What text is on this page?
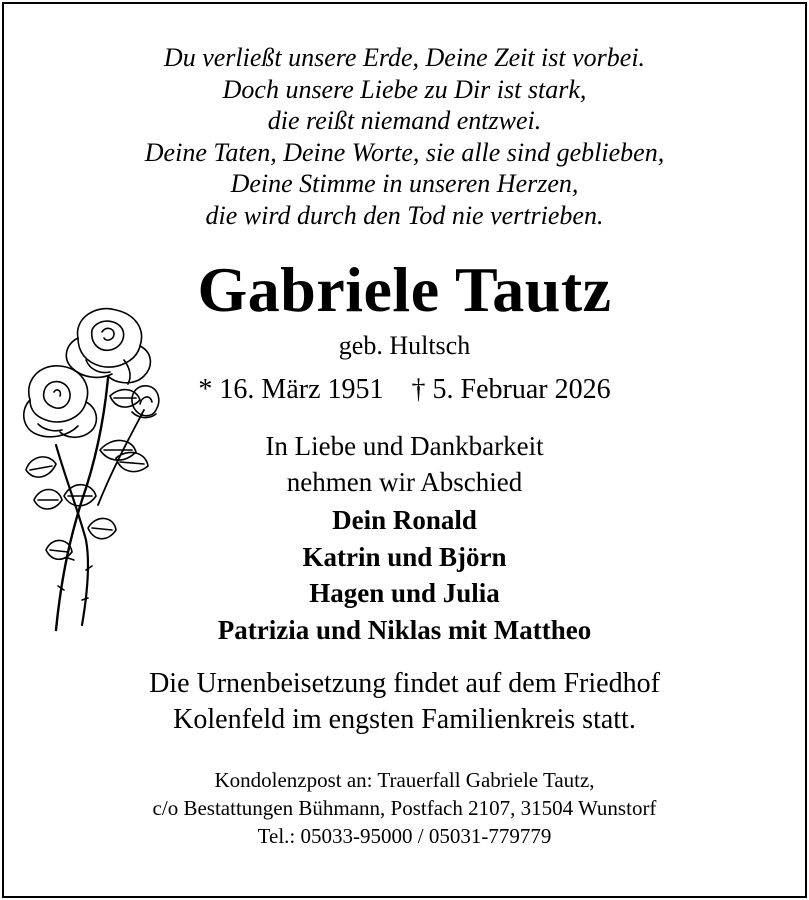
Du verließt unsere Erde, Deine Zeit ist vorbei.
Doch unsere Liebe zu Dir ist stark,
die reißt niemand entzwei.
Deine Taten, Deine Worte, sie alle sind geblieben,
Deine Stimme in unseren Herzen,
die wird durch den Tod nie vertrieben.
Gabriele Tautz
geb. Hultsch
* 16. März 1951 † 5. Februar 2026
In Liebe und Dankbarkeit
nehmen wir Abschied
Dein Ronald
Katrin und Björn
Hagen und Julia
Patrizia und Niklas mit Mattheo
Die Urnenbeisetzung findet auf dem Friedhof
Kolenfeld im engsten Familienkreis statt.
Kondolenzpost an: Trauerfall Gabriele Tautz,
c/o Bestattungen Bühmann, Postfach 2107, 31504 Wunstorf
Tel.: 05033-95000 / 05031-779779
